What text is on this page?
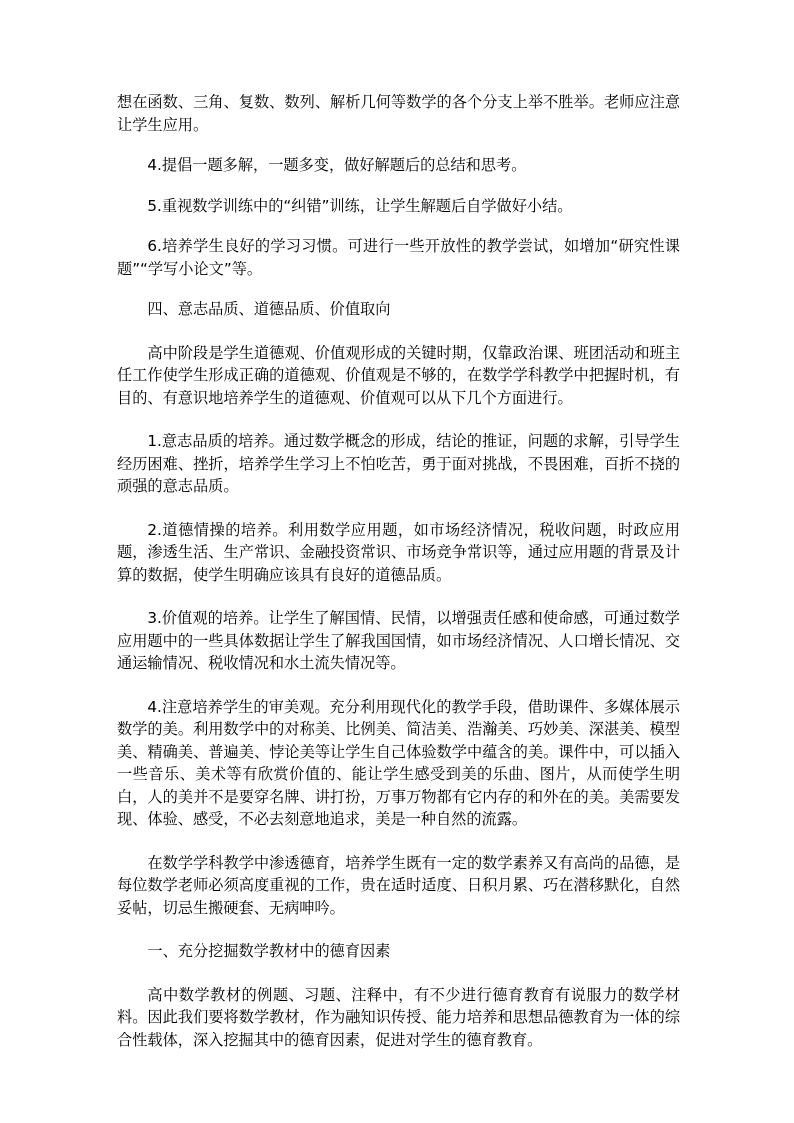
想在函数、三角、复数、数列、解析几何等数学的各个分支上举不胜举。老师应注意让学生应用。

4.提倡一题多解，一题多变，做好解题后的总结和思考。

5.重视数学训练中的“纠错”训练，让学生解题后自学做好小结。

6.培养学生良好的学习习惯。可进行一些开放性的教学尝试，如增加“研究性课题”“学写小论文”等。

四、意志品质、道德品质、价值取向

高中阶段是学生道德观、价值观形成的关键时期，仅靠政治课、班团活动和班主任工作使学生形成正确的道德观、价值观是不够的，在数学学科教学中把握时机，有目的、有意识地培养学生的道德观、价值观可以从下几个方面进行。

1.意志品质的培养。通过数学概念的形成，结论的推证，问题的求解，引导学生经历困难、挫折，培养学生学习上不怕吃苦，勇于面对挑战，不畏困难，百折不挠的顽强的意志品质。

2.道德情操的培养。利用数学应用题，如市场经济情况，税收问题，时政应用题，渗透生活、生产常识、金融投资常识、市场竞争常识等，通过应用题的背景及计算的数据，使学生明确应该具有良好的道德品质。

3.价值观的培养。让学生了解国情、民情，以增强责任感和使命感，可通过数学应用题中的一些具体数据让学生了解我国国情，如市场经济情况、人口增长情况、交通运输情况、税收情况和水土流失情况等。

4.注意培养学生的审美观。充分利用现代化的教学手段，借助课件、多媒体展示数学的美。利用数学中的对称美、比例美、简洁美、浩瀚美、巧妙美、深湛美、模型美、精确美、普遍美、悖论美等让学生自己体验数学中蕴含的美。课件中，可以插入一些音乐、美术等有欣赏价值的、能让学生感受到美的乐曲、图片，从而使学生明白，人的美并不是要穿名牌、讲打扮，万事万物都有它内存的和外在的美。美需要发现、体验、感受，不必去刻意地追求，美是一种自然的流露。

在数学学科教学中渗透德育，培养学生既有一定的数学素养又有高尚的品德，是每位数学老师必须高度重视的工作，贵在适时适度、日积月累、巧在潜移默化，自然妥帖，切忌生搬硬套、无病呻吟。

一、充分挖掘数学教材中的德育因素

高中数学教材的例题、习题、注释中，有不少进行德育教育有说服力的数学材料。因此我们要将数学教材，作为融知识传授、能力培养和思想品德教育为一体的综合性载体，深入挖掘其中的德育因素，促进对学生的德育教育。
